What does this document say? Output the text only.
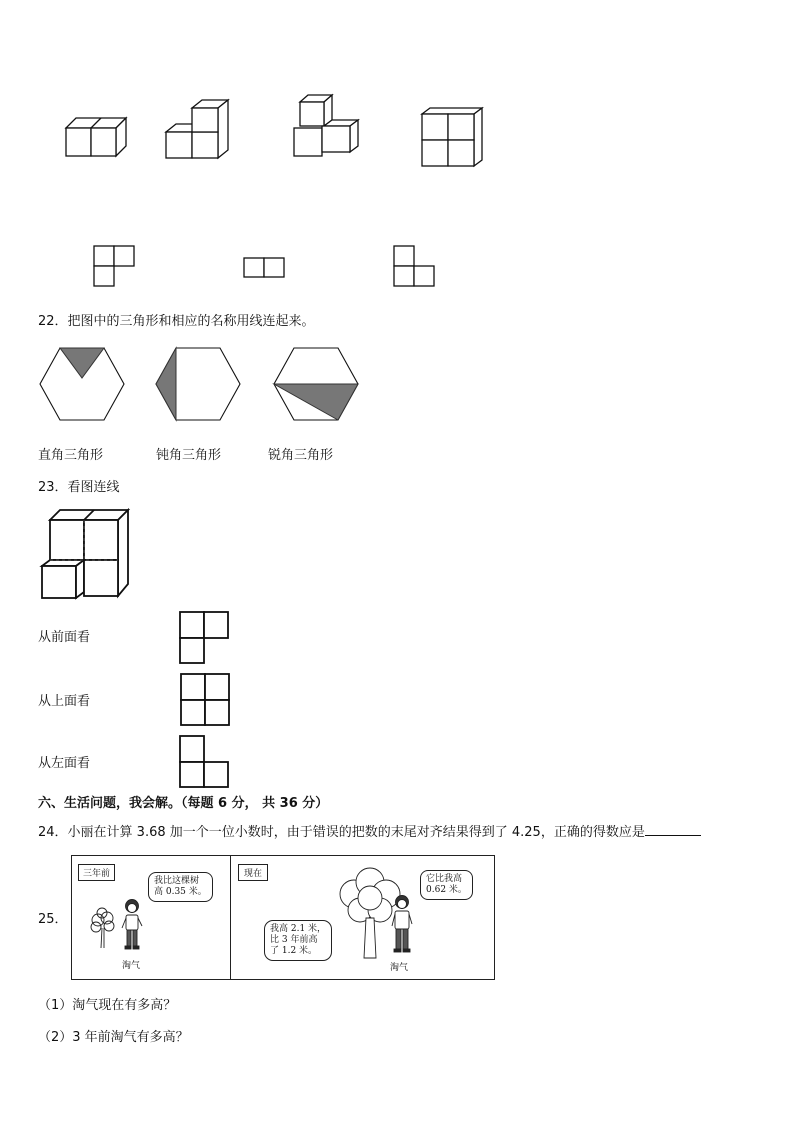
22．把图中的三角形和相应的名称用线连起来。
直角三角形	钝角三角形	锐角三角形
23．看图连线
从前面看
从上面看
从左面看
六、生活问题，我会解。（每题 6 分， 共 36 分）
24．小丽在计算 3.68 加一个一位小数时，由于错误的把数的末尾对齐结果得到了 4.25，正确的得数应是
25．
三年前	现在
我比这棵树
高 0.35 米。
淘气
我高 2.1 米，
比 3 年前高
了 1.2 米。
淘气
它比我高
0.62 米。
（1）淘气现在有多高？
（2）3 年前淘气有多高？
